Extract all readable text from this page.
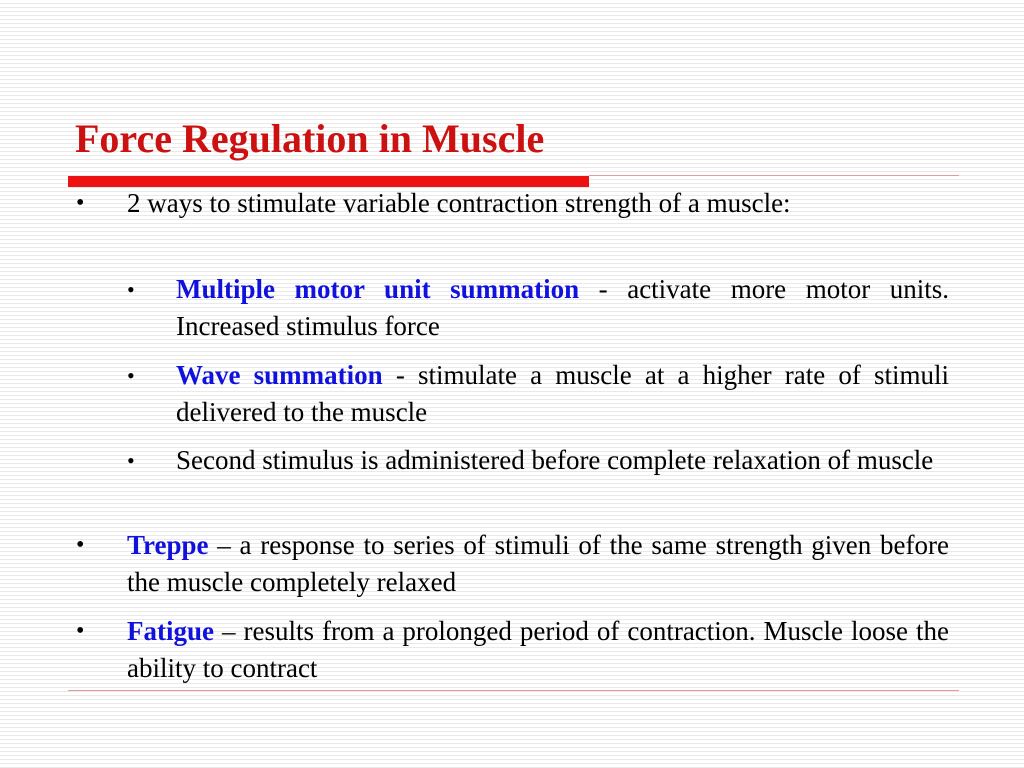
Force Regulation in Muscle
• 2 ways to stimulate variable contraction strength of a muscle:
• Multiple motor unit summation - activate more motor units. Increased stimulus force
• Wave summation - stimulate a muscle at a higher rate of stimuli delivered to the muscle
• Second stimulus is administered before complete relaxation of muscle
• Treppe – a response to series of stimuli of the same strength given before the muscle completely relaxed
• Fatigue – results from a prolonged period of contraction. Muscle loose the ability to contract
